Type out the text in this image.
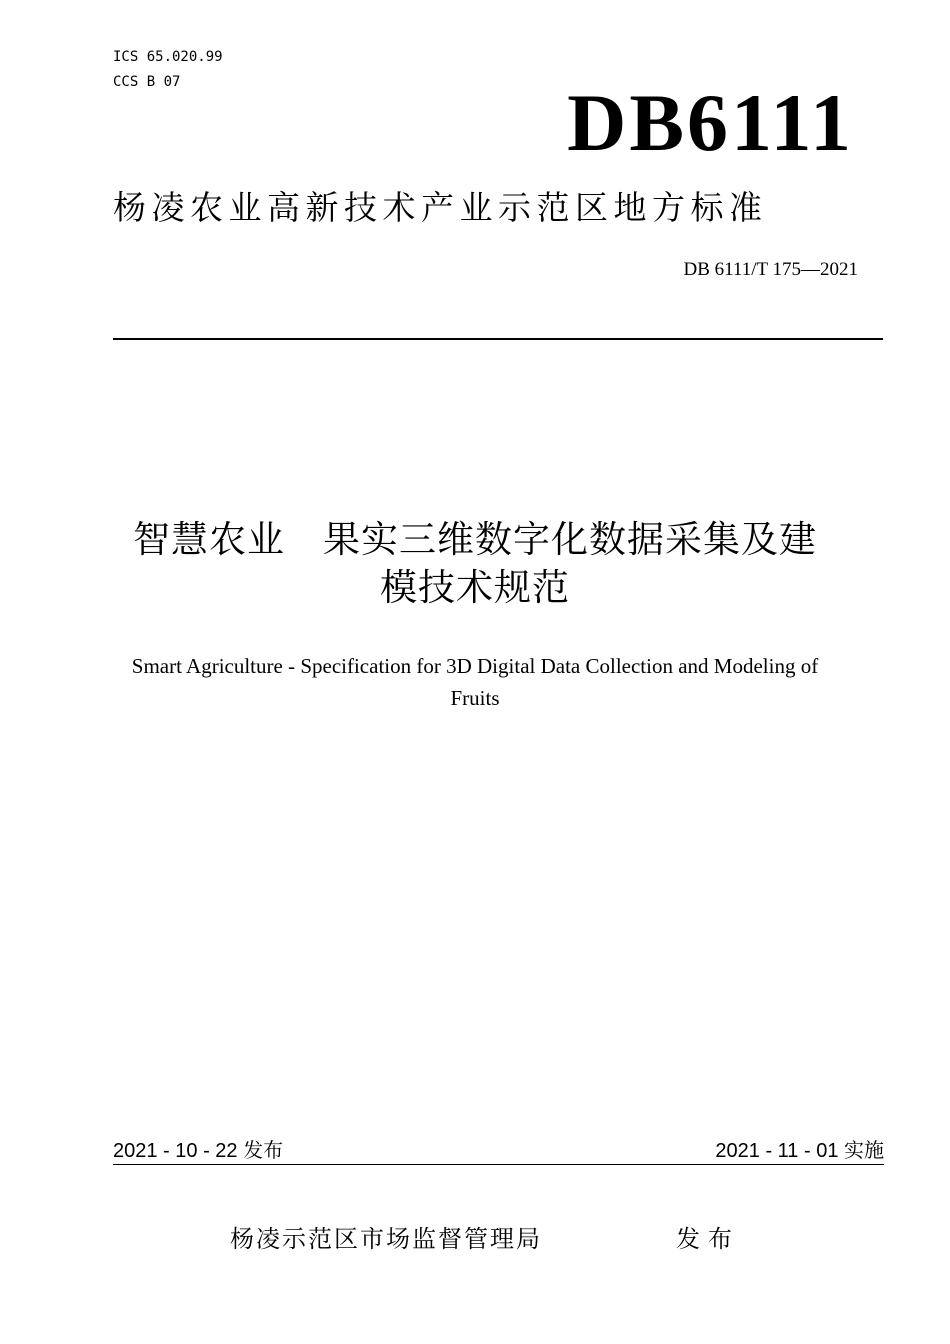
ICS 65.020.99
CCS B 07	DB6111
杨凌农业高新技术产业示范区地方标准
DB 6111/T 175—2021
智慧农业　果实三维数字化数据采集及建
模技术规范
Smart Agriculture - Specification for 3D Digital Data Collection and Modeling of
Fruits
2021 - 10 - 22 发布	2021 - 11 - 01 实施
杨凌示范区市场监督管理局	发布
